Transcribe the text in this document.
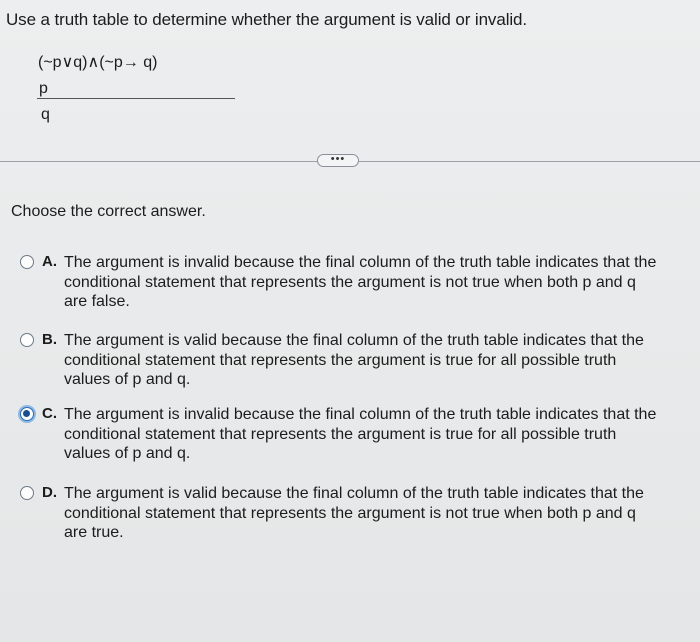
Use a truth table to determine whether the argument is valid or invalid.
(~p∨q)∧(~p→ q)
p
q
•••
Choose the correct answer.
A. The argument is invalid because the final column of the truth table indicates that the
conditional statement that represents the argument is not true when both p and q
are false.
B. The argument is valid because the final column of the truth table indicates that the
conditional statement that represents the argument is true for all possible truth
values of p and q.
C. The argument is invalid because the final column of the truth table indicates that the
conditional statement that represents the argument is true for all possible truth
values of p and q.
D. The argument is valid because the final column of the truth table indicates that the
conditional statement that represents the argument is not true when both p and q
are true.
